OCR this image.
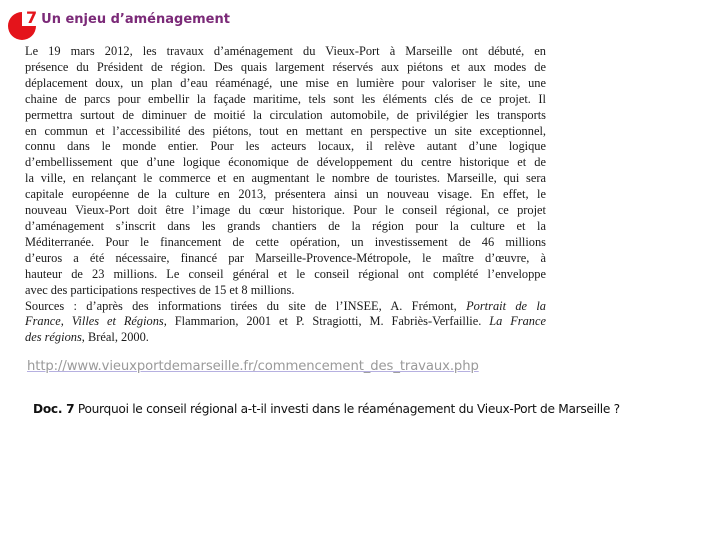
7 Un enjeu d’aménagement
Le 19 mars 2012, les travaux d’aménagement du Vieux-Port à Marseille ont débuté, en
présence du Président de région. Des quais largement réservés aux piétons et aux modes de
déplacement doux, un plan d’eau réaménagé, une mise en lumière pour valoriser le site, une
chaine de parcs pour embellir la façade maritime, tels sont les éléments clés de ce projet. Il
permettra surtout de diminuer de moitié la circulation automobile, de privilégier les transports
en commun et l’accessibilité des piétons, tout en mettant en perspective un site exceptionnel,
connu dans le monde entier. Pour les acteurs locaux, il relève autant d’une logique
d’embellissement que d’une logique économique de développement du centre historique et de
la ville, en relançant le commerce et en augmentant le nombre de touristes. Marseille, qui sera
capitale européenne de la culture en 2013, présentera ainsi un nouveau visage. En effet, le
nouveau Vieux-Port doit être l’image du cœur historique. Pour le conseil régional, ce projet
d’aménagement s’inscrit dans les grands chantiers de la région pour la culture et la
Méditerranée. Pour le financement de cette opération, un investissement de 46 millions
d’euros a été nécessaire, financé par Marseille-Provence-Métropole, le maître d’œuvre, à
hauteur de 23 millions. Le conseil général et le conseil régional ont complété l’enveloppe
avec des participations respectives de 15 et 8 millions.
Sources : d’après des informations tirées du site de l’INSEE, A. Frémont, Portrait de la
France, Villes et Régions, Flammarion, 2001 et P. Stragiotti, M. Fabriès-Verfaillie. La France
des régions, Bréal, 2000.
http://www.vieuxportdemarseille.fr/commencement_des_travaux.php
Doc. 7 Pourquoi le conseil régional a-t-il investi dans le réaménagement du Vieux-Port de Marseille ?
